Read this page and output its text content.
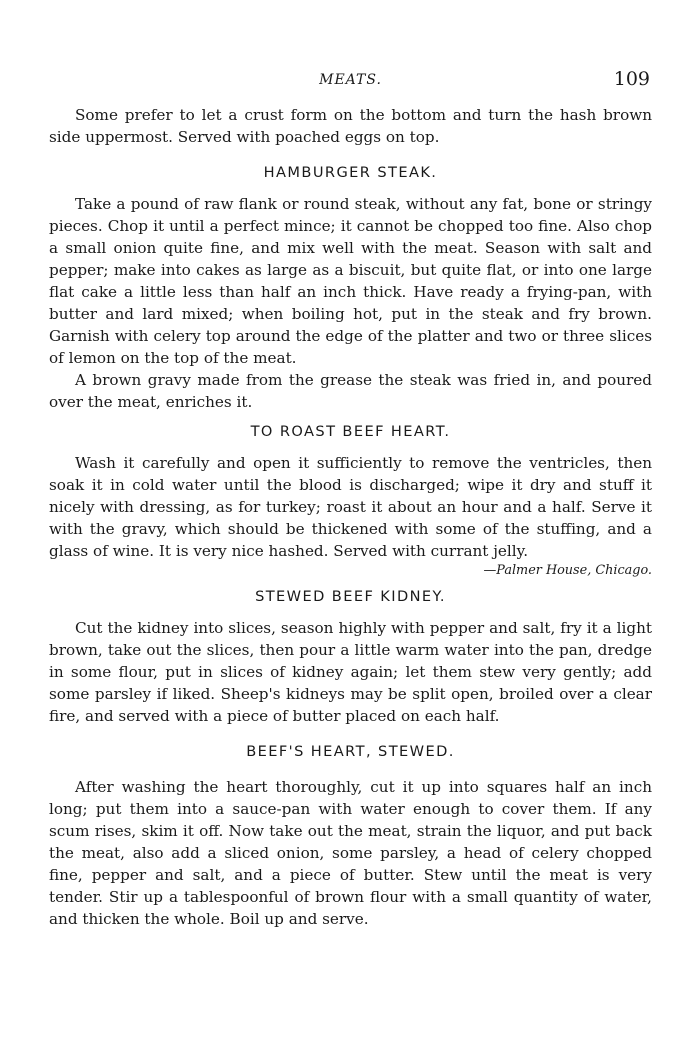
MEATS.	109

Some prefer to let a crust form on the bottom and turn the hash brown side uppermost. Served with poached eggs on top.

HAMBURGER STEAK.

Take a pound of raw flank or round steak, without any fat, bone or stringy pieces. Chop it until a perfect mince; it cannot be chopped too fine. Also chop a small onion quite fine, and mix well with the meat. Season with salt and pepper; make into cakes as large as a biscuit, but quite flat, or into one large flat cake a little less than half an inch thick. Have ready a frying-pan, with butter and lard mixed; when boiling hot, put in the steak and fry brown. Garnish with celery top around the edge of the platter and two or three slices of lemon on the top of the meat.

A brown gravy made from the grease the steak was fried in, and poured over the meat, enriches it.

TO ROAST BEEF HEART.

Wash it carefully and open it sufficiently to remove the ventricles, then soak it in cold water until the blood is discharged; wipe it dry and stuff it nicely with dressing, as for turkey; roast it about an hour and a half. Serve it with the gravy, which should be thickened with some of the stuffing, and a glass of wine. It is very nice hashed. Served with currant jelly.

—Palmer House, Chicago.
STEWED BEEF KIDNEY.

Cut the kidney into slices, season highly with pepper and salt, fry it a light brown, take out the slices, then pour a little warm water into the pan, dredge in some flour, put in slices of kidney again; let them stew very gently; add some parsley if liked. Sheep's kidneys may be split open, broiled over a clear fire, and served with a piece of butter placed on each half.

BEEF'S HEART, STEWED.

After washing the heart thoroughly, cut it up into squares half an inch long; put them into a sauce-pan with water enough to cover them. If any scum rises, skim it off. Now take out the meat, strain the liquor, and put back the meat, also add a sliced onion, some parsley, a head of celery chopped fine, pepper and salt, and a piece of butter. Stew until the meat is very tender. Stir up a tablespoonful of brown flour with a small quantity of water, and thicken the whole. Boil up and serve.
